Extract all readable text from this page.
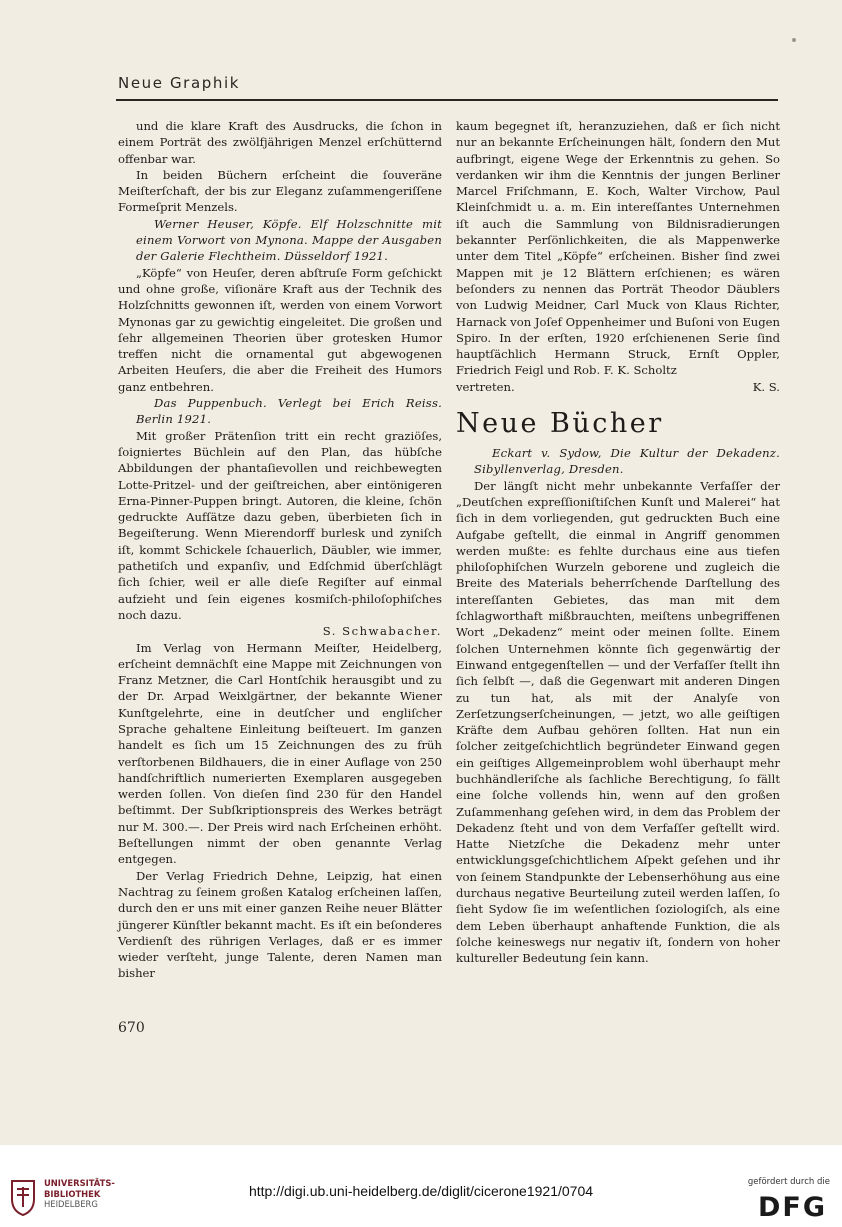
Neue Graphik

und die klare Kraft des Ausdrucks, die ſchon in einem Porträt des zwölfjährigen Menzel erſchütternd offenbar war.

In beiden Büchern erſcheint die ſouveräne Meiſterſchaft, der bis zur Eleganz zuſammengeriſſene Formeſprit Menzels.

Werner Heuser, Köpfe. Elf Holzschnitte mit einem Vorwort von Mynona. Mappe der Ausgaben der Galerie Flechtheim. Düsseldorf 1921.

„Köpfe“ von Heuſer, deren abſtruſe Form geſchickt und ohne große, viſionäre Kraft aus der Technik des Holzſchnitts gewonnen iſt, werden von einem Vorwort Mynonas gar zu gewichtig eingeleitet. Die großen und ſehr allgemeinen Theorien über grotesken Humor treffen nicht die ornamental gut abgewogenen Arbeiten Heuſers, die aber die Freiheit des Humors ganz entbehren.

Das Puppenbuch. Verlegt bei Erich Reiss. Berlin 1921.

Mit großer Prätenſion tritt ein recht graziöſes, ſoigniertes Büchlein auf den Plan, das hübſche Abbildungen der phantaſievollen und reichbewegten Lotte-Pritzel- und der geiſtreichen, aber eintönigeren Erna-Pinner-Puppen bringt. Autoren, die kleine, ſchön gedruckte Aufſätze dazu geben, überbieten ſich in Begeiſterung. Wenn Mierendorff burlesk und zyniſch iſt, kommt Schickele ſchauerlich, Däubler, wie immer, pathetiſch und expanſiv, und Edſchmid überſchlägt ſich ſchier, weil er alle dieſe Regiſter auf einmal aufzieht und ſein eigenes kosmiſch-philoſophiſches noch dazu.

S. Schwabacher.

Im Verlag von Hermann Meiſter, Heidelberg, erſcheint demnächſt eine Mappe mit Zeichnungen von Franz Metzner, die Carl Hontſchik herausgibt und zu der Dr. Arpad Weixlgärtner, der bekannte Wiener Kunſtgelehrte, eine in deutſcher und engliſcher Sprache gehaltene Einleitung beiſteuert. Im ganzen handelt es ſich um 15 Zeichnungen des zu früh verſtorbenen Bildhauers, die in einer Auflage von 250 handſchriftlich numerierten Exemplaren ausgegeben werden ſollen. Von dieſen ſind 230 für den Handel beſtimmt. Der Subſkriptionspreis des Werkes beträgt nur M. 300.—. Der Preis wird nach Erſcheinen erhöht. Beſtellungen nimmt der oben genannte Verlag entgegen.

Der Verlag Friedrich Dehne, Leipzig, hat einen Nachtrag zu ſeinem großen Katalog erſcheinen laſſen, durch den er uns mit einer ganzen Reihe neuer Blätter jüngerer Künſtler bekannt macht. Es iſt ein beſonderes Verdienſt des rührigen Verlages, daß er es immer wieder verſteht, junge Talente, deren Namen man bisher

kaum begegnet iſt, heranzuziehen, daß er ſich nicht nur an bekannte Erſcheinungen hält, ſondern den Mut aufbringt, eigene Wege der Erkenntnis zu gehen. So verdanken wir ihm die Kenntnis der jungen Berliner Marcel Friſchmann, E. Koch, Walter Virchow, Paul Kleinſchmidt u. a. m. Ein intereſſantes Unternehmen iſt auch die Sammlung von Bildnisradierungen bekannter Perſönlichkeiten, die als Mappenwerke unter dem Titel „Köpfe“ erſcheinen. Bisher ſind zwei Mappen mit je 12 Blättern erſchienen; es wären beſonders zu nennen das Porträt Theodor Däublers von Ludwig Meidner, Carl Muck von Klaus Richter, Harnack von Joſef Oppenheimer und Buſoni von Eugen Spiro. In der erſten, 1920 erſchienenen Serie ſind hauptſächlich Hermann Struck, Ernſt Oppler, Friedrich Feigl und Rob. F. K. Scholtz

vertreten.	K. S.
Neue Bücher

Eckart v. Sydow, Die Kultur der Dekadenz. Sibyllenverlag, Dresden.

Der längſt nicht mehr unbekannte Verfaſſer der „Deutſchen expreſſioniſtiſchen Kunſt und Malerei“ hat ſich in dem vorliegenden, gut gedruckten Buch eine Aufgabe geſtellt, die einmal in Angriff genommen werden mußte: es fehlte durchaus eine aus tiefen philoſophiſchen Wurzeln geborene und zugleich die Breite des Materials beherrſchende Darſtellung des intereſſanten Gebietes, das man mit dem ſchlagworthaft mißbrauchten, meiſtens unbegriffenen Wort „Dekadenz“ meint oder meinen ſollte. Einem ſolchen Unternehmen könnte ſich gegenwärtig der Einwand entgegenſtellen — und der Verfaſſer ſtellt ihn ſich ſelbſt —, daß die Gegenwart mit anderen Dingen zu tun hat, als mit der Analyſe von Zerſetzungserſcheinungen, — jetzt, wo alle geiſtigen Kräfte dem Aufbau gehören ſollten. Hat nun ein ſolcher zeitgeſchichtlich begründeter Einwand gegen ein geiſtiges Allgemeinproblem wohl überhaupt mehr buchhändleriſche als ſachliche Berechtigung, ſo fällt eine ſolche vollends hin, wenn auf den großen Zuſammenhang geſehen wird, in dem das Problem der Dekadenz ſteht und von dem Verfaſſer geſtellt wird. Hatte Nietzſche die Dekadenz mehr unter entwicklungsgeſchichtlichem Aſpekt geſehen und ihr von ſeinem Standpunkte der Lebenserhöhung aus eine durchaus negative Beurteilung zuteil werden laſſen, ſo ſieht Sydow ſie im weſentlichen ſoziologiſch, als eine dem Leben überhaupt anhaftende Funktion, die als ſolche keineswegs nur negativ iſt, ſondern von hoher kultureller Bedeutung ſein kann.

670
UNIVERSITÄTS-
BIBLIOTHEK
HEIDELBERG
http://digi.ub.uni-heidelberg.de/diglit/cicerone1921/0704
gefördert durch die
DFG
